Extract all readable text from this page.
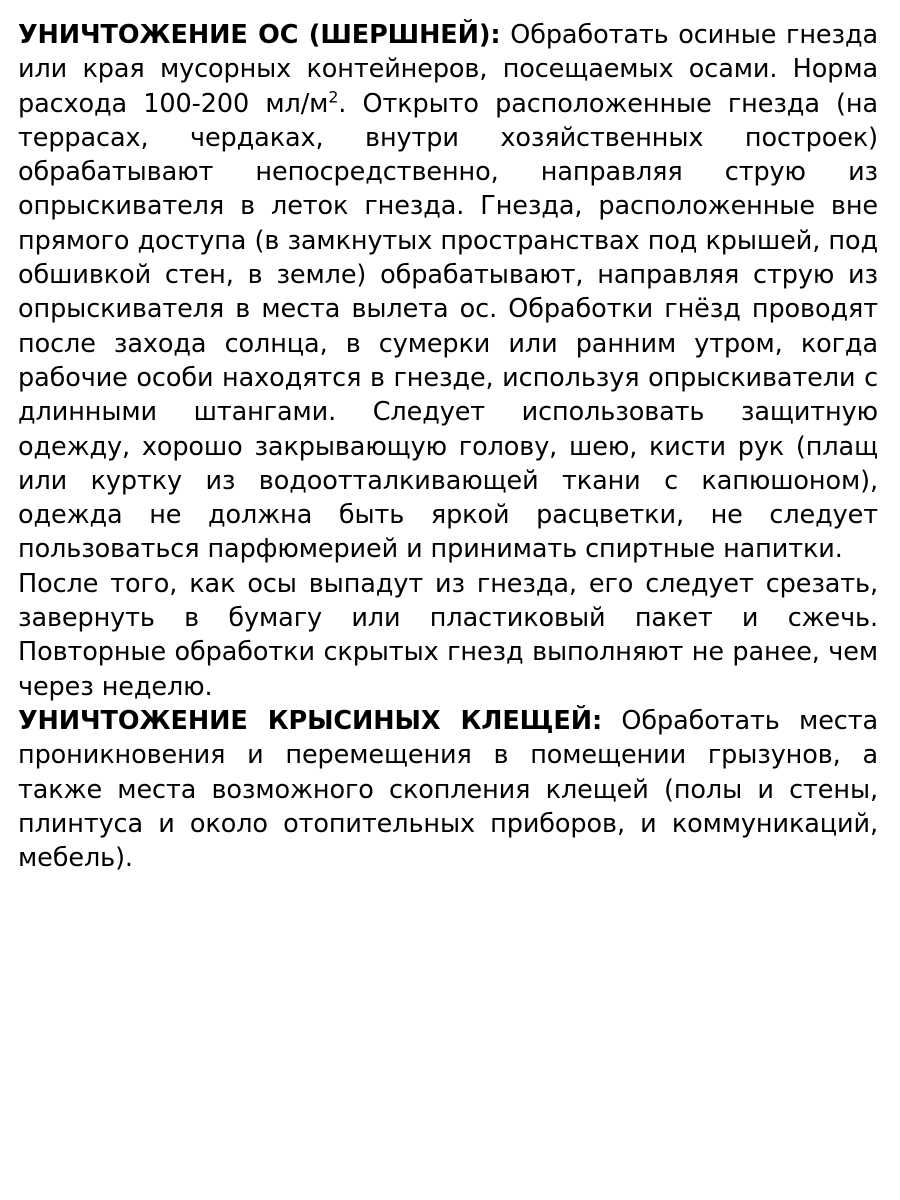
УНИЧТОЖЕНИЕ ОС (ШЕРШНЕЙ): Обработать осиные гнезда или края мусорных контейнеров, посещаемых осами. Норма расхода 100-200 $мл/м^2$. Открыто расположенные гнезда (на террасах, чердаках, внутри хозяйственных построек) обрабатывают непосредственно, направляя струю из опрыскивателя в леток гнезда. Гнезда, расположенные вне прямого доступа (в замкнутых пространствах под крышей, под обшивкой стен, в земле) обрабатывают, направляя струю из опрыскивателя в места вылета ос. Обработки гнёзд проводят после захода солнца, в сумерки или ранним утром, когда рабочие особи находятся в гнезде, используя опрыскиватели с длинными штангами. Следует использовать защитную одежду, хорошо закрывающую голову, шею, кисти рук (плащ или куртку из водоотталкивающей ткани с капюшоном), одежда не должна быть яркой расцветки, не следует пользоваться парфюмерией и принимать спиртные напитки.

После того, как осы выпадут из гнезда, его следует срезать, завернуть в бумагу или пластиковый пакет и сжечь. Повторные обработки скрытых гнезд выполняют не ранее, чем через неделю.

УНИЧТОЖЕНИЕ КРЫСИНЫХ КЛЕЩЕЙ: Обработать места проникновения и перемещения в помещении грызунов, а также места возможного скопления клещей (полы и стены, плинтуса и около отопительных приборов, и коммуникаций, мебель).
